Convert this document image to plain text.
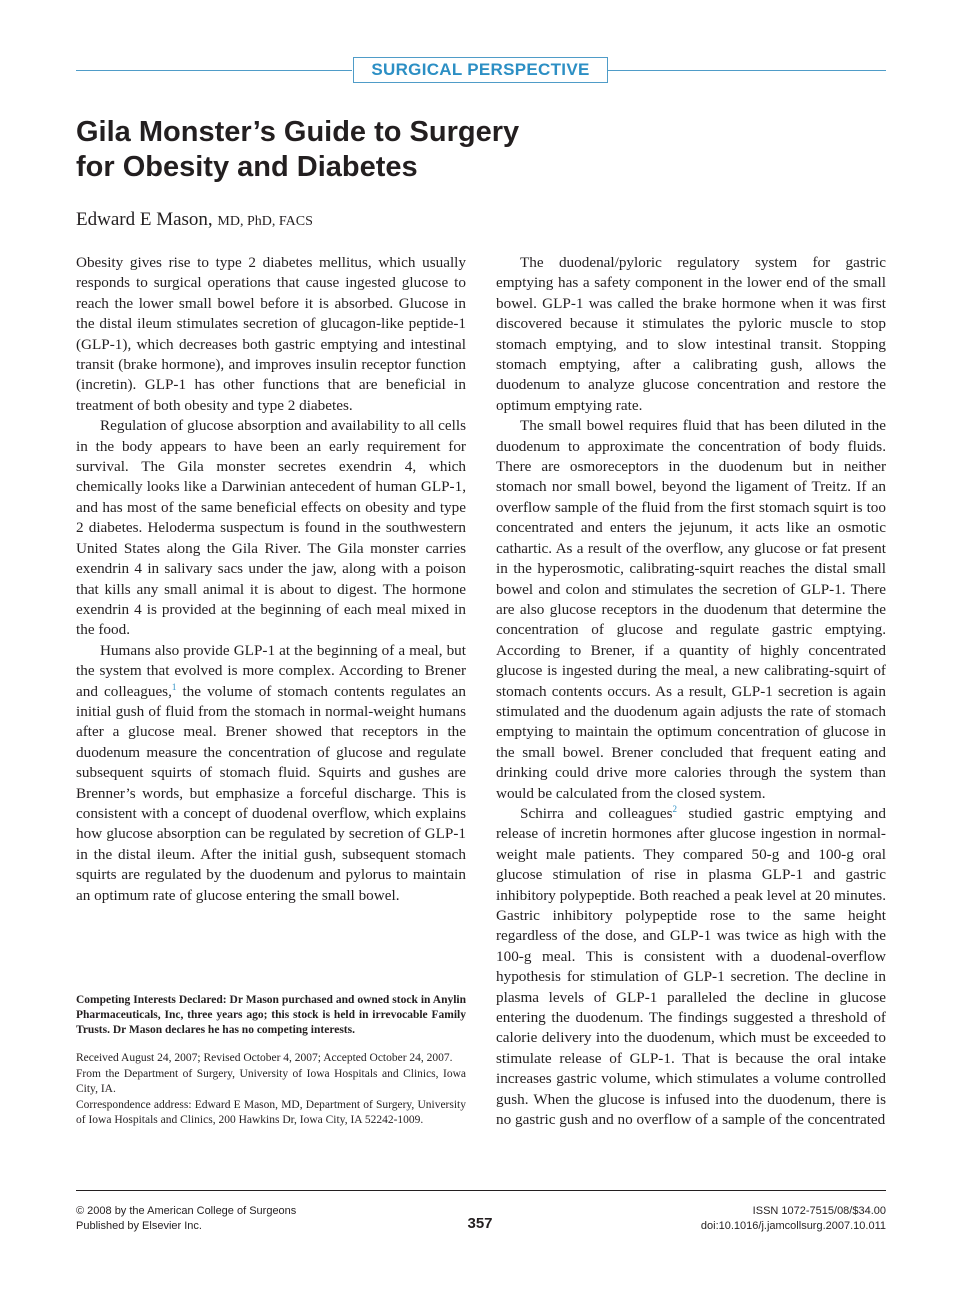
SURGICAL PERSPECTIVE
Gila Monster’s Guide to Surgery
for Obesity and Diabetes
Edward E Mason, MD, PhD, FACS

Obesity gives rise to type 2 diabetes mellitus, which usually responds to surgical operations that cause ingested glucose to reach the lower small bowel before it is absorbed. Glucose in the distal ileum stimulates secretion of glucagon-like peptide-1 (GLP-1), which decreases both gastric emptying and intestinal transit (brake hormone), and improves insulin receptor function (incretin). GLP-1 has other functions that are beneficial in treatment of both obesity and type 2 diabetes.

Regulation of glucose absorption and availability to all cells in the body appears to have been an early requirement for survival. The Gila monster secretes exendrin 4, which chemically looks like a Darwinian antecedent of human GLP-1, and has most of the same beneficial effects on obesity and type 2 diabetes. Heloderma suspectum is found in the southwestern United States along the Gila River. The Gila monster carries exendrin 4 in salivary sacs under the jaw, along with a poison that kills any small animal it is about to digest. The hormone exendrin 4 is provided at the beginning of each meal mixed in the food.

Humans also provide GLP-1 at the beginning of a meal, but the system that evolved is more complex. According to Brener and colleagues,$^1$ the volume of stomach contents regulates an initial gush of fluid from the stomach in normal-weight humans after a glucose meal. Brener showed that receptors in the duodenum measure the concentration of glucose and regulate subsequent squirts of stomach fluid. Squirts and gushes are Brenner’s words, but emphasize a forceful discharge. This is consistent with a concept of duodenal overflow, which explains how glucose absorption can be regulated by secretion of GLP-1 in the distal ileum. After the initial gush, subsequent stomach squirts are regulated by the duodenum and pylorus to maintain an optimum rate of glucose entering the small bowel.

The duodenal/pyloric regulatory system for gastric emptying has a safety component in the lower end of the small bowel. GLP-1 was called the brake hormone when it was first discovered because it stimulates the pyloric muscle to stop stomach emptying, and to slow intestinal transit. Stopping stomach emptying, after a calibrating gush, allows the duodenum to analyze glucose concentration and restore the optimum emptying rate.

The small bowel requires fluid that has been diluted in the duodenum to approximate the concentration of body fluids. There are osmoreceptors in the duodenum but in neither stomach nor small bowel, beyond the ligament of Treitz. If an overflow sample of the fluid from the first stomach squirt is too concentrated and enters the jejunum, it acts like an osmotic cathartic. As a result of the overflow, any glucose or fat present in the hyperosmotic, calibrating-squirt reaches the distal small bowel and colon and stimulates the secretion of GLP-1. There are also glucose receptors in the duodenum that determine the concentration of glucose and regulate gastric emptying. According to Brener, if a quantity of highly concentrated glucose is ingested during the meal, a new calibrating-squirt of stomach contents occurs. As a result, GLP-1 secretion is again stimulated and the duodenum again adjusts the rate of stomach emptying to maintain the optimum concentration of glucose in the small bowel. Brener concluded that frequent eating and drinking could drive more calories through the system than would be calculated from the closed system.

Schirra and colleagues$^2$ studied gastric emptying and release of incretin hormones after glucose ingestion in normal-weight male patients. They compared 50-g and 100-g oral glucose stimulation of rise in plasma GLP-1 and gastric inhibitory polypeptide. Both reached a peak level at 20 minutes. Gastric inhibitory polypeptide rose to the same height regardless of the dose, and GLP-1 was twice as high with the 100-g meal. This is consistent with a duodenal-overflow hypothesis for stimulation of GLP-1 secretion. The decline in plasma levels of GLP-1 paralleled the decline in glucose entering the duodenum. The findings suggested a threshold of calorie delivery into the duodenum, which must be exceeded to stimulate release of GLP-1. That is because the oral intake increases gastric volume, which stimulates a volume controlled gush. When the glucose is infused into the duodenum, there is no gastric gush and no overflow of a sample of the concentrated

Competing Interests Declared: Dr Mason purchased and owned stock in Anylin Pharmaceuticals, Inc, three years ago; this stock is held in irrevocable Family Trusts. Dr Mason declares he has no competing interests.

Received August 24, 2007; Revised October 4, 2007; Accepted October 24, 2007.

From the Department of Surgery, University of Iowa Hospitals and Clinics, Iowa City, IA.

Correspondence address: Edward E Mason, MD, Department of Surgery, University of Iowa Hospitals and Clinics, 200 Hawkins Dr, Iowa City, IA 52242-1009.

© 2008 by the American College of Surgeons
Published by Elsevier Inc.	357
ISSN 1072-7515/08/$34.00
doi:10.1016/j.jamcollsurg.2007.10.011
